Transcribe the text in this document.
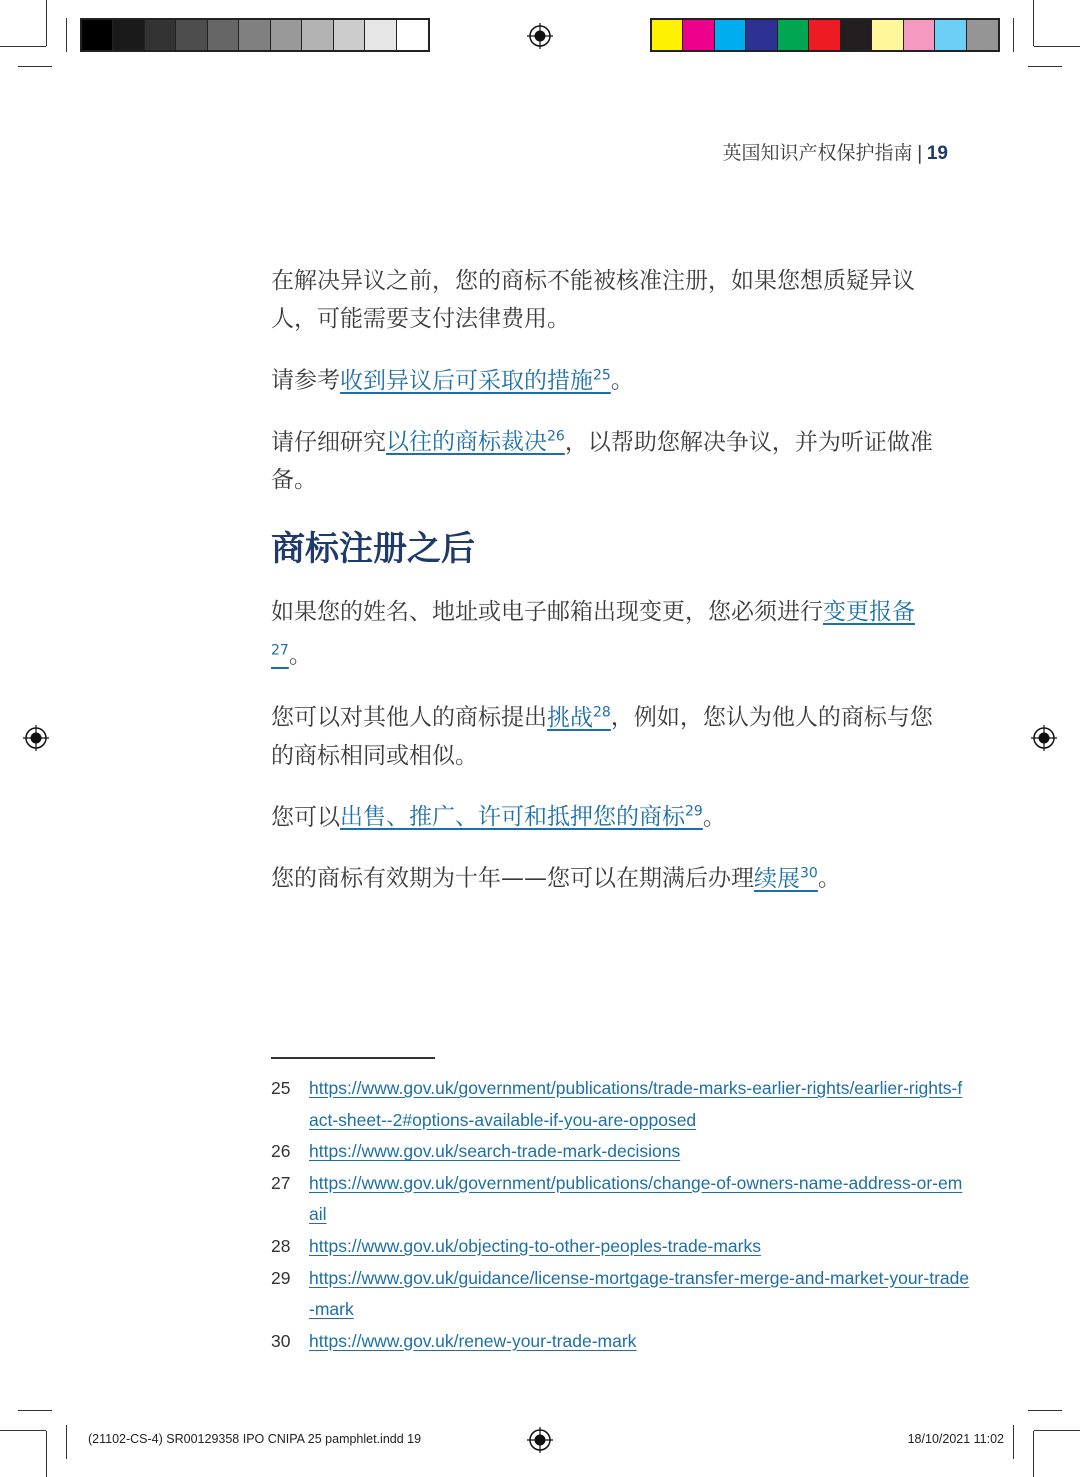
英国知识产权保护指南 | 19

在解决异议之前，您的商标不能被核准注册，如果您想质疑异议人，可能需要支付法律费用。

请参考收到异议后可采取的措施$^{25}$。

请仔细研究以往的商标裁决$^{26}$，以帮助您解决争议，并为听证做准备。

商标注册之后

如果您的姓名、地址或电子邮箱出现变更，您必须进行变更报备$^{27}$。

您可以对其他人的商标提出挑战$^{28}$，例如，您认为他人的商标与您的商标相同或相似。

您可以出售、推广、许可和抵押您的商标$^{29}$。

您的商标有效期为十年——您可以在期满后办理续展$^{30}$。

25	https://www.gov.uk/government/publications/trade-marks-earlier-rights/earlier-rights-fact-sheet--2#options-available-if-you-are-opposed
26	https://www.gov.uk/search-trade-mark-decisions
27	https://www.gov.uk/government/publications/change-of-owners-name-address-or-email
28	https://www.gov.uk/objecting-to-other-peoples-trade-marks
29	https://www.gov.uk/guidance/license-mortgage-transfer-merge-and-market-your-trade-mark
30	https://www.gov.uk/renew-your-trade-mark
(21102-CS-4) SR00129358 IPO CNIPA 25 pamphlet.indd 19	18/10/2021 11:02
